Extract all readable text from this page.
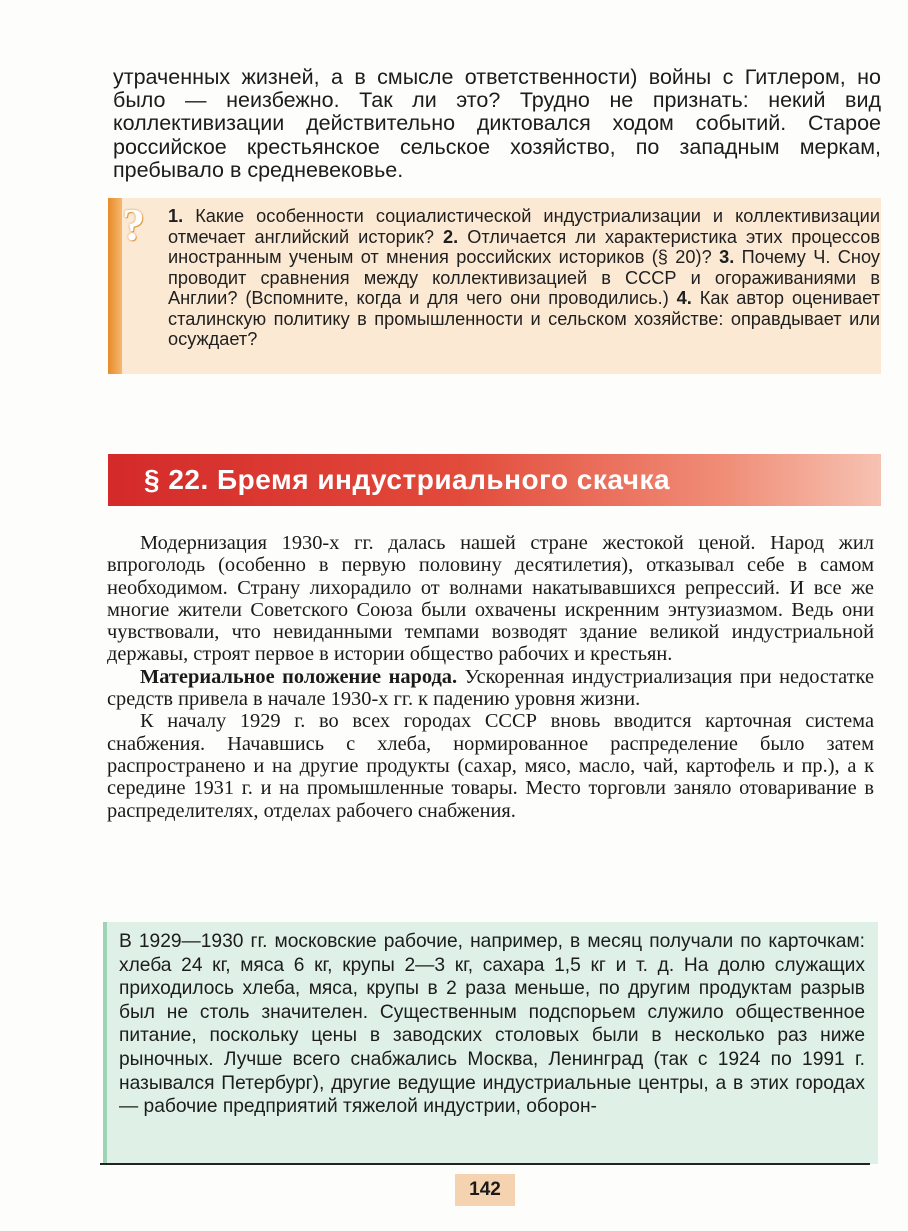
утраченных жизней, а в смысле ответственности) войны с Гитлером, но было — неизбежно. Так ли это? Трудно не признать: некий вид коллективизации действительно диктовался ходом событий. Старое российское крестьянское сельское хозяйство, по западным меркам, пребывало в средневековье.
?	1. Какие особенности социалистической индустриализации и коллективизации отмечает английский историк? 2. Отличается ли характеристика этих процессов иностранным ученым от мнения российских историков (§ 20)? 3. Почему Ч. Сноу проводит сравнения между коллективизацией в СССР и огораживаниями в Англии? (Вспомните, когда и для чего они проводились.) 4. Как автор оценивает сталинскую политику в промышленности и сельском хозяйстве: оправдывает или осуждает?
§ 22. Бремя индустриального скачка

Модернизация 1930-х гг. далась нашей стране жестокой ценой. Народ жил впроголодь (особенно в первую половину десятилетия), отказывал себе в самом необходимом. Страну лихорадило от волнами накатывавшихся репрессий. И все же многие жители Советского Союза были охвачены искренним энтузиазмом. Ведь они чувствовали, что невиданными темпами возводят здание великой индустриальной державы, строят первое в истории общество рабочих и крестьян.

Материальное положение народа. Ускоренная индустриализация при недостатке средств привела в начале 1930-х гг. к падению уровня жизни.

К началу 1929 г. во всех городах СССР вновь вводится карточная система снабжения. Начавшись с хлеба, нормированное распределение было затем распространено и на другие продукты (сахар, мясо, масло, чай, картофель и пр.), а к середине 1931 г. и на промышленные товары. Место торговли заняло отоваривание в распределителях, отделах рабочего снабжения.

В 1929—1930 гг. московские рабочие, например, в месяц получали по карточкам: хлеба 24 кг, мяса 6 кг, крупы 2—3 кг, сахара 1,5 кг и т. д. На долю служащих приходилось хлеба, мяса, крупы в 2 раза меньше, по другим продуктам разрыв был не столь значителен. Существенным подспорьем служило общественное питание, поскольку цены в заводских столовых были в несколько раз ниже рыночных. Лучше всего снабжались Москва, Ленинград (так с 1924 по 1991 г. назывался Петербург), другие ведущие индустриальные центры, а в этих городах — рабочие предприятий тяжелой индустрии, оборон-
142
